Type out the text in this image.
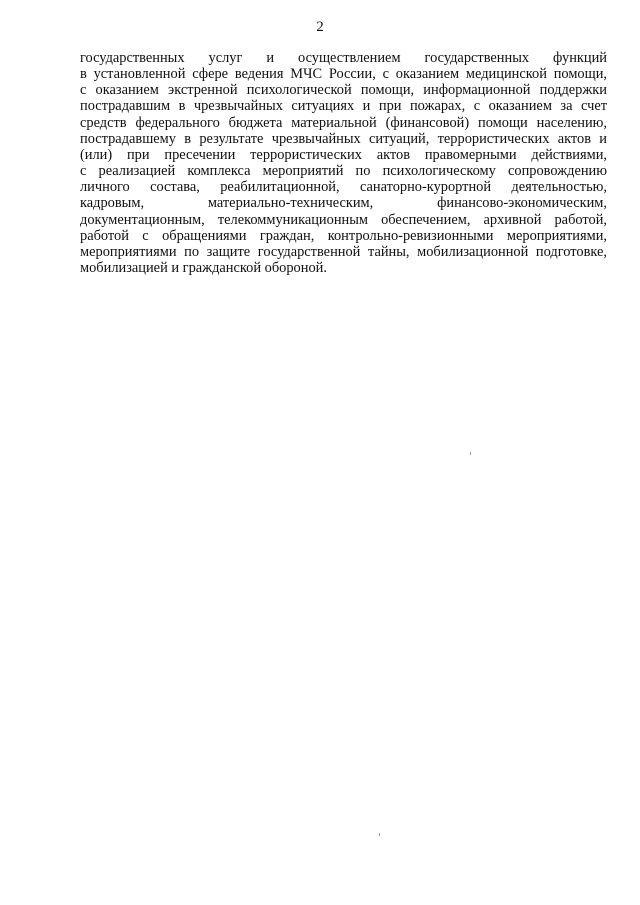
2
государственных услуг и осуществлением государственных функций
в установленной сфере ведения МЧС России, с оказанием медицинской помощи,
с оказанием экстренной психологической помощи, информационной поддержки
пострадавшим в чрезвычайных ситуациях и при пожарах, с оказанием за счет
средств федерального бюджета материальной (финансовой) помощи населению,
пострадавшему в результате чрезвычайных ситуаций, террористических актов и
(или) при пресечении террористических актов правомерными действиями,
с реализацией комплекса мероприятий по психологическому сопровождению
личного состава, реабилитационной, санаторно-курортной деятельностью,
кадровым, материально-техническим, финансово-экономическим,
документационным, телекоммуникационным обеспечением, архивной работой,
работой с обращениями граждан, контрольно-ревизионными мероприятиями,
мероприятиями по защите государственной тайны, мобилизационной подготовке,
мобилизацией и гражданской обороной.
